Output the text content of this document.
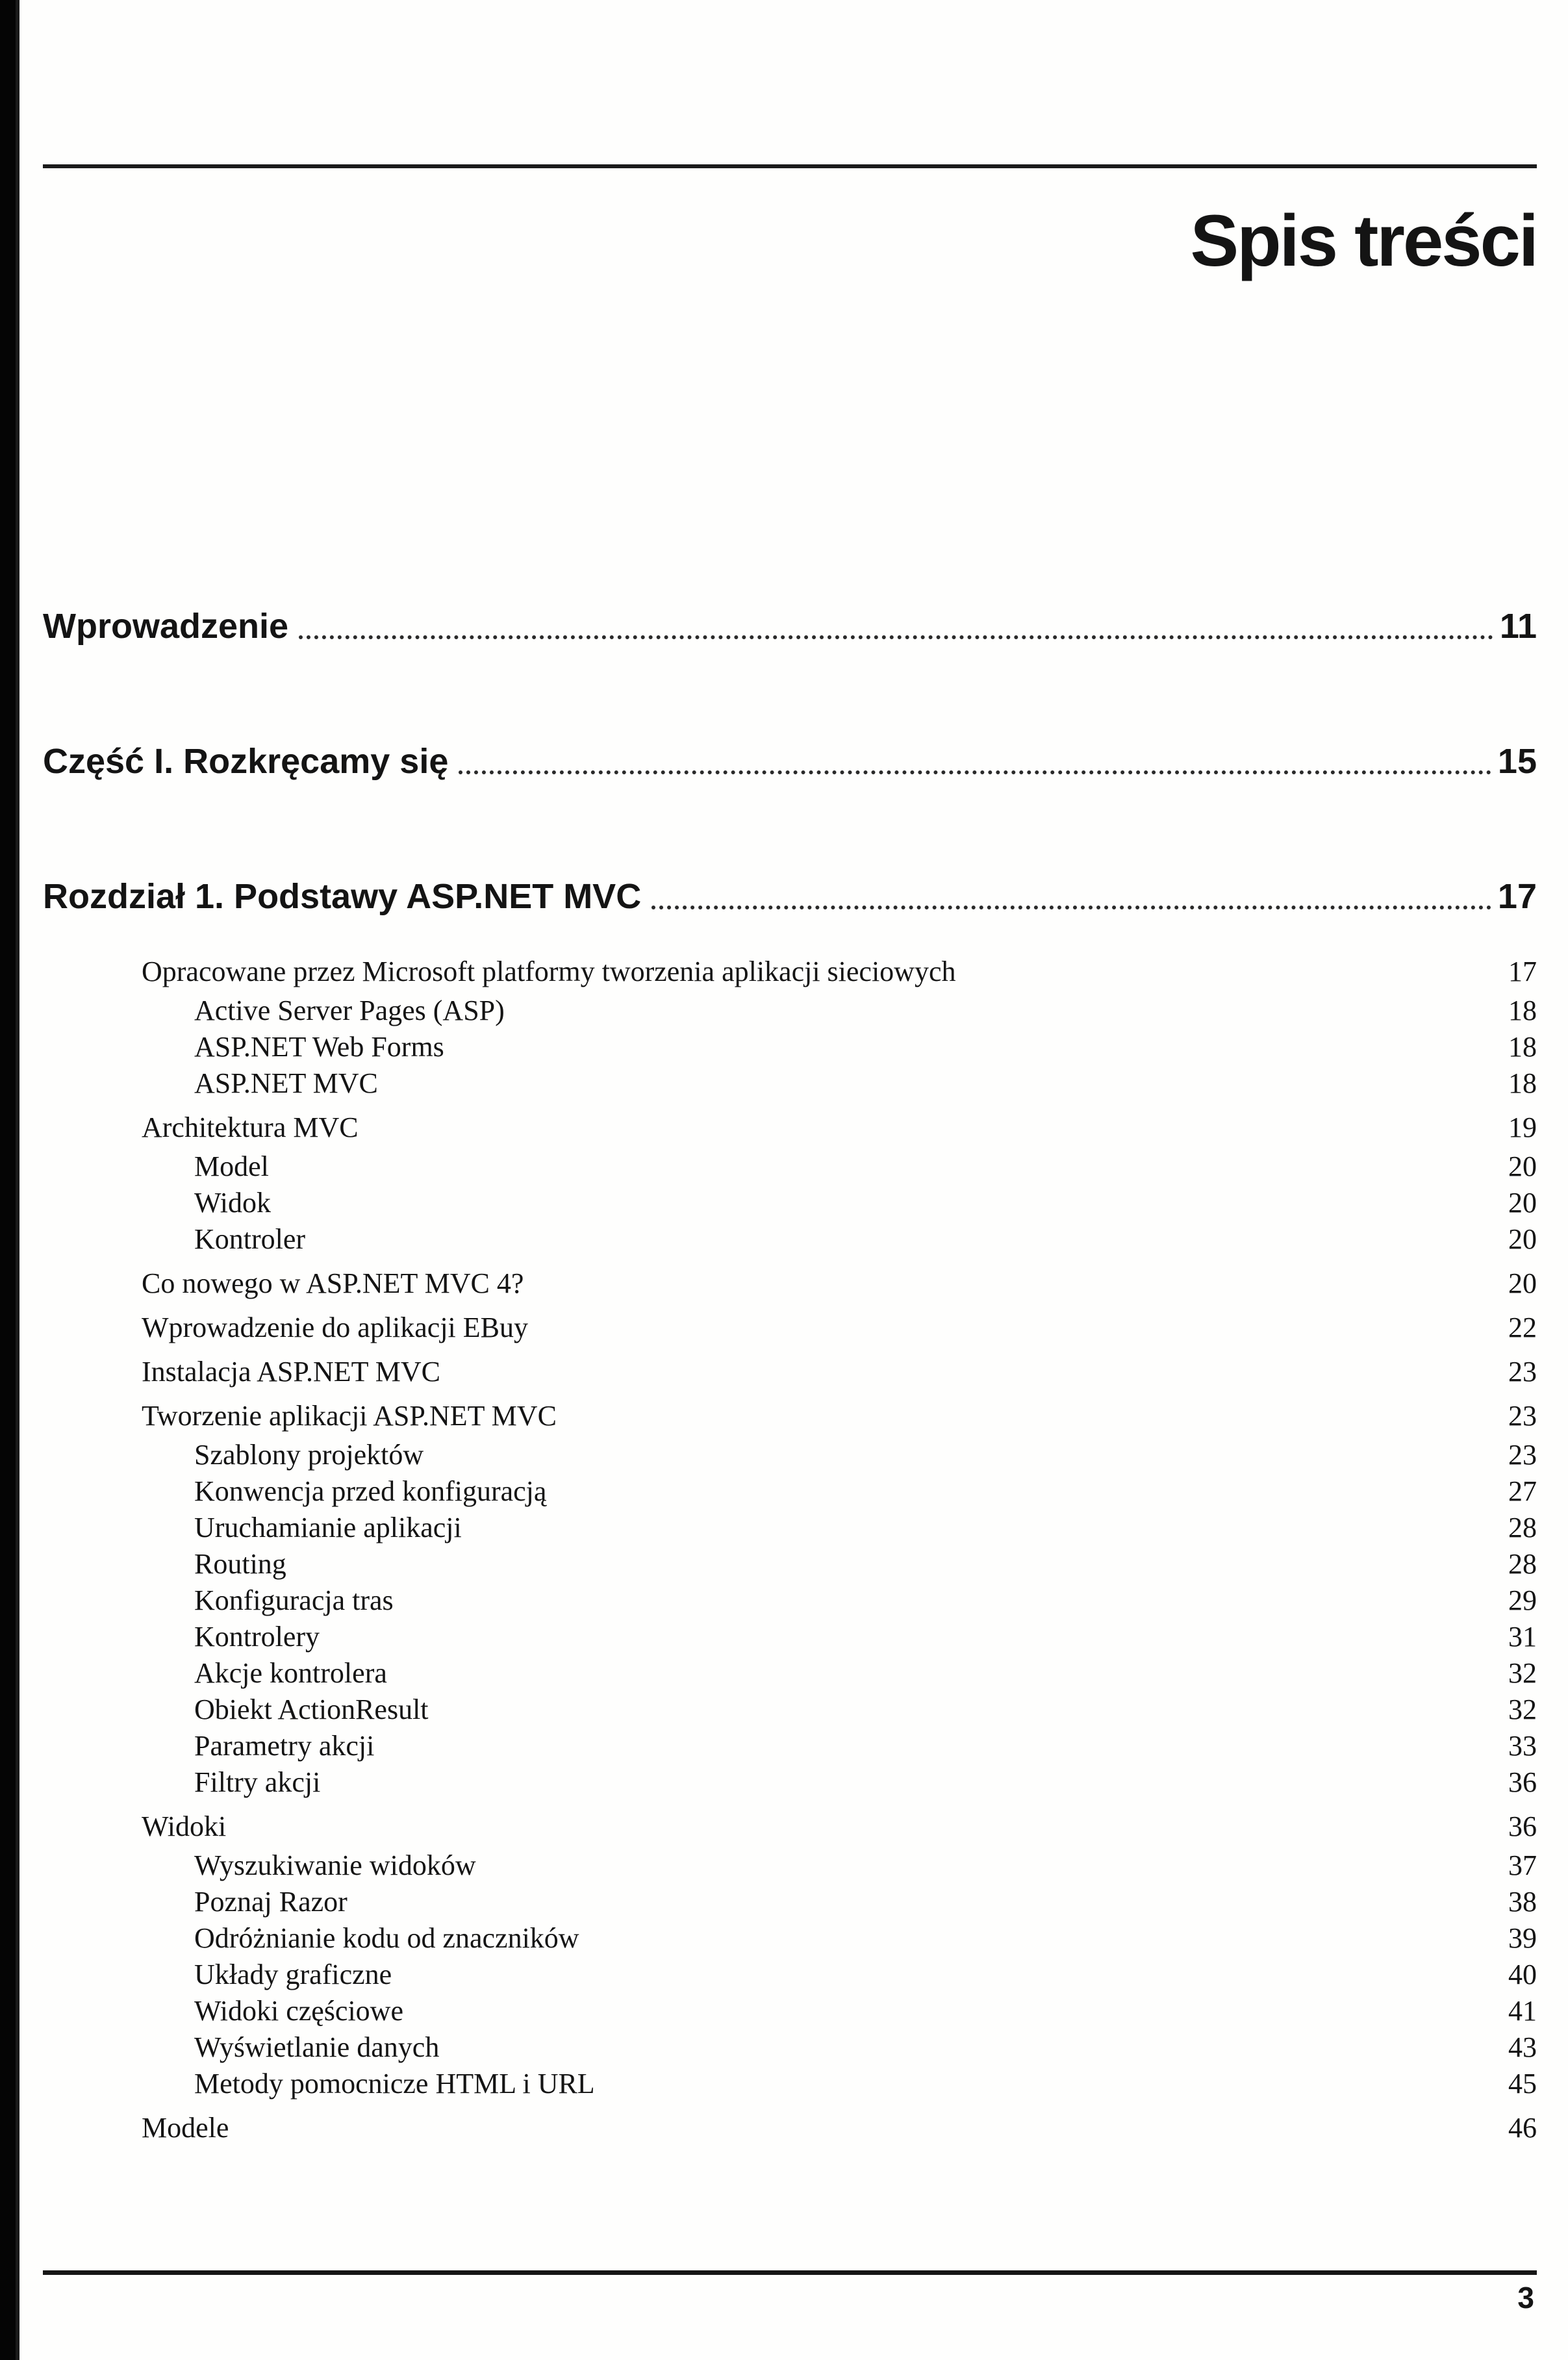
Spis treści
Wprowadzenie	11
Część I. Rozkręcamy się	15
Rozdział 1. Podstawy ASP.NET MVC	17
Opracowane przez Microsoft platformy tworzenia aplikacji sieciowych	17
Active Server Pages (ASP)	18
ASP.NET Web Forms	18
ASP.NET MVC	18
Architektura MVC	19
Model	20
Widok	20
Kontroler	20
Co nowego w ASP.NET MVC 4?	20
Wprowadzenie do aplikacji EBuy	22
Instalacja ASP.NET MVC	23
Tworzenie aplikacji ASP.NET MVC	23
Szablony projektów	23
Konwencja przed konfiguracją	27
Uruchamianie aplikacji	28
Routing	28
Konfiguracja tras	29
Kontrolery	31
Akcje kontrolera	32
Obiekt ActionResult	32
Parametry akcji	33
Filtry akcji	36
Widoki	36
Wyszukiwanie widoków	37
Poznaj Razor	38
Odróżnianie kodu od znaczników	39
Układy graficzne	40
Widoki częściowe	41
Wyświetlanie danych	43
Metody pomocnicze HTML i URL	45
Modele	46
3
